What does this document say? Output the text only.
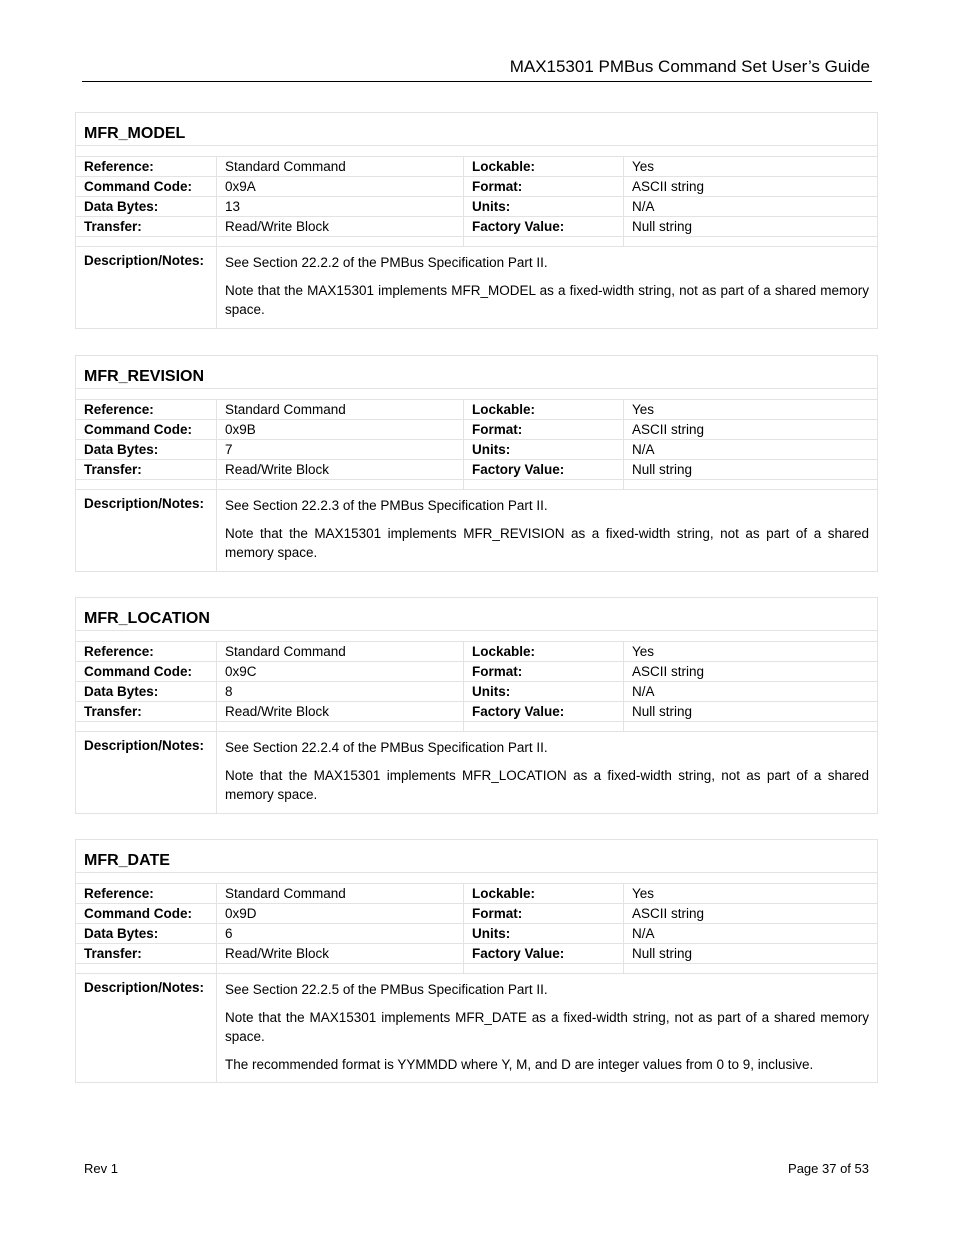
MAX15301 PMBus Command Set User’s Guide
MFR_MODEL
Reference:	Standard Command	Lockable:	Yes
Command Code:	0x9A	Format:	ASCII string
Data Bytes:	13	Units:	N/A
Transfer:	Read/Write Block	Factory Value:	Null string
Description/Notes:	See Section 22.2.2 of the PMBus Specification Part II.

Note that the MAX15301 implements MFR_MODEL as a fixed-width string, not as part of a shared memory space.

MFR_REVISION
Reference:	Standard Command	Lockable:	Yes
Command Code:	0x9B	Format:	ASCII string
Data Bytes:	7	Units:	N/A
Transfer:	Read/Write Block	Factory Value:	Null string
Description/Notes:	See Section 22.2.3 of the PMBus Specification Part II.

Note that the MAX15301 implements MFR_REVISION as a fixed-width string, not as part of a shared memory space.

MFR_LOCATION
Reference:	Standard Command	Lockable:	Yes
Command Code:	0x9C	Format:	ASCII string
Data Bytes:	8	Units:	N/A
Transfer:	Read/Write Block	Factory Value:	Null string
Description/Notes:	See Section 22.2.4 of the PMBus Specification Part II.

Note that the MAX15301 implements MFR_LOCATION as a fixed-width string, not as part of a shared memory space.

MFR_DATE
Reference:	Standard Command	Lockable:	Yes
Command Code:	0x9D	Format:	ASCII string
Data Bytes:	6	Units:	N/A
Transfer:	Read/Write Block	Factory Value:	Null string
Description/Notes:	See Section 22.2.5 of the PMBus Specification Part II.

Note that the MAX15301 implements MFR_DATE as a fixed-width string, not as part of a shared memory space.

The recommended format is YYMMDD where Y, M, and D are integer values from 0 to 9, inclusive.

Rev 1	Page 37 of 53
